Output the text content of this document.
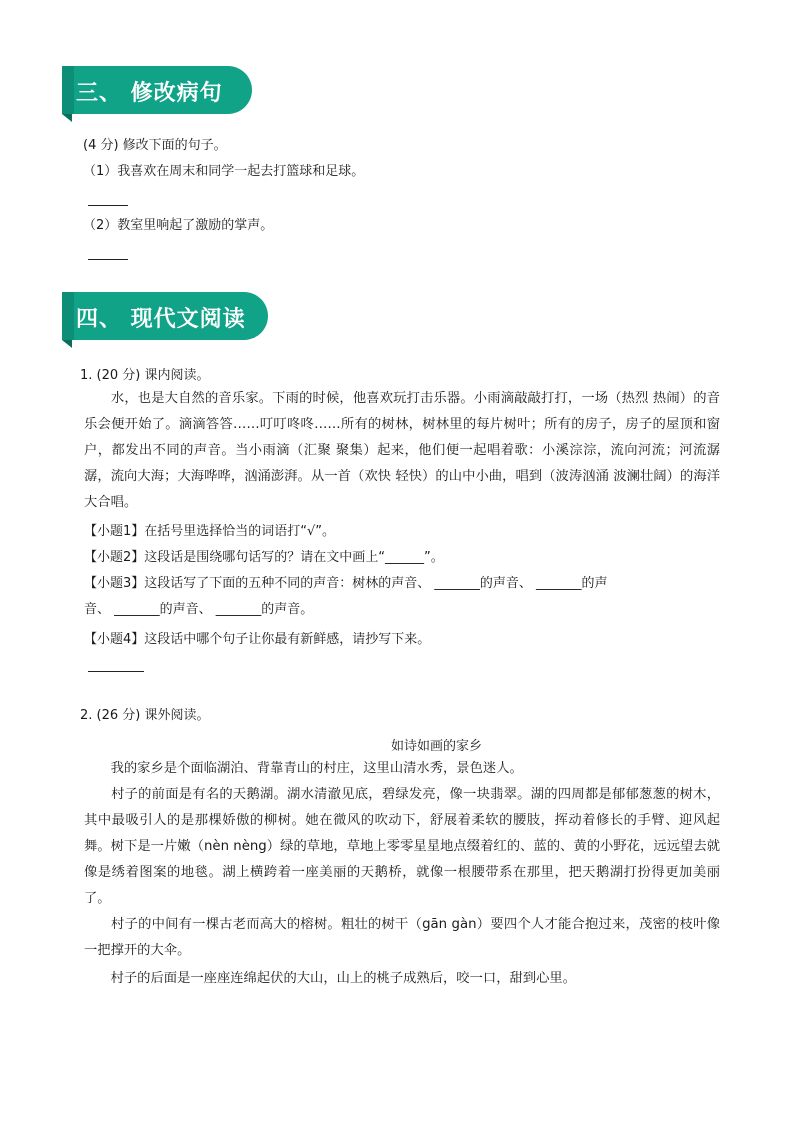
三、 修改病句
(4 分) 修改下面的句子。
（1）我喜欢在周末和同学一起去打篮球和足球。
（2）教室里响起了激励的掌声。
四、 现代文阅读
1. (20 分) 课内阅读。
　　水，也是大自然的音乐家。下雨的时候，他喜欢玩打击乐器。小雨滴敲敲打打，一场（热烈 热闹）的音乐会便开始了。滴滴答答……叮叮咚咚……所有的树林，树林里的每片树叶；所有的房子，房子的屋顶和窗户，都发出不同的声音。当小雨滴（汇聚 聚集）起来，他们便一起唱着歌：小溪淙淙，流向河流；河流潺潺，流向大海；大海哗哗，汹涌澎湃。从一首（欢快 轻快）的山中小曲，唱到（波涛汹涌 波澜壮阔）的海洋大合唱。
【小题1】在括号里选择恰当的词语打“√”。
【小题2】这段话是围绕哪句话写的？请在文中画上“______”。
【小题3】这段话写了下面的五种不同的声音：树林的声音、 _______的声音、 _______的声
音、 _______的声音、 _______的声音。
【小题4】这段话中哪个句子让你最有新鲜感，请抄写下来。
2. (26 分) 课外阅读。
如诗如画的家乡
　　我的家乡是个面临湖泊、背靠青山的村庄，这里山清水秀，景色迷人。
　　村子的前面是有名的天鹅湖。湖水清澈见底，碧绿发亮，像一块翡翠。湖的四周都是郁郁葱葱的树木，其中最吸引人的是那棵娇傲的柳树。她在微风的吹动下，舒展着柔软的腰肢，挥动着修长的手臂、迎风起舞。树下是一片嫩（nèn nèng）绿的草地，草地上零零星星地点缀着红的、蓝的、黄的小野花，远远望去就像是绣着图案的地毯。湖上横跨着一座美丽的天鹅桥，就像一根腰带系在那里，把天鹅湖打扮得更加美丽了。
　　村子的中间有一棵古老而高大的榕树。粗壮的树干（gān gàn）要四个人才能合抱过来，茂密的枝叶像一把撑开的大伞。
　　村子的后面是一座座连绵起伏的大山，山上的桃子成熟后，咬一口，甜到心里。
